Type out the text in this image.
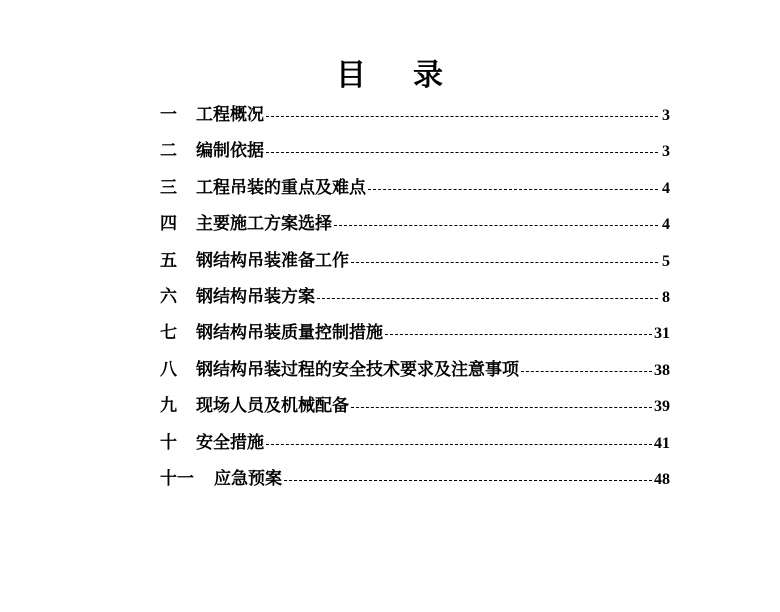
目 录
一	工程概况	3
二	编制依据	3
三	工程吊装的重点及难点	4
四	主要施工方案选择	4
五	钢结构吊装准备工作	5
六	钢结构吊装方案	8
七	钢结构吊装质量控制措施	31
八	钢结构吊装过程的安全技术要求及注意事项	38
九	现场人员及机械配备	39
十	安全措施	41
十一	应急预案	48
